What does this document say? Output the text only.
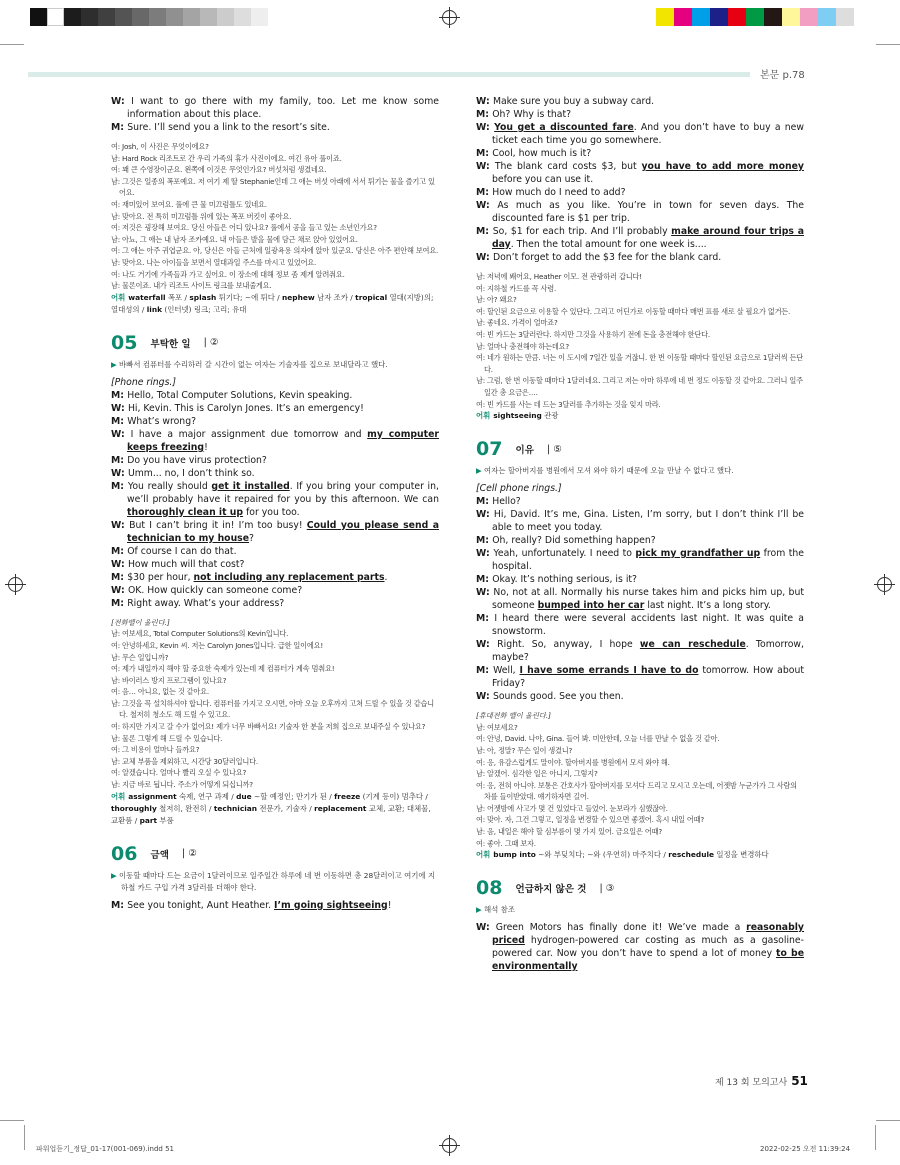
본문 p.78

W: I want to go there with my family, too. Let me know some information about this place.

M: Sure. I’ll send you a link to the resort’s site.

여: Josh, 이 사진은 무엇이에요?

남: Hard Rock 리조트로 간 우리 가족의 휴가 사진이에요. 여긴 유아 풀이죠.

여: 꽤 큰 수영장이군요. 왼쪽에 이것은 무엇인가요? 버섯처럼 생겼네요.

남: 그것은 일종의 폭포예요. 저 여기 제 딸 Stephanie인데 그 애는 버섯 아래에 서서 튀기는 물을 즐기고 있어요.

여: 재미있어 보여요. 풀에 큰 물 미끄럼틀도 있네요.

남: 맞아요. 전 특히 미끄럼틀 위에 있는 폭포 버킷이 좋아요.

여: 저것은 굉장해 보여요. 당신 아들은 어디 있나요? 풀에서 공을 들고 있는 소년인가요?

남: 아뇨, 그 애는 내 남자 조카예요. 내 아들은 발을 물에 담근 채로 앉아 있었어요.

여: 그 애는 아주 귀엽군요. 아, 당신은 아들 근처에 일광욕용 의자에 앉아 있군요. 당신은 아주 편안해 보여요.

남: 맞아요. 나는 아이들을 보면서 열대과일 주스를 마시고 있었어요.

여: 나도 거기에 가족들과 가고 싶어요. 이 장소에 대해 정보 좀 제게 알려줘요.

남: 물론이죠. 내가 리조트 사이트 링크를 보내줄게요.

어휘 waterfall 폭포 / splash 튀기다; ∼에 튀다 / nephew 남자 조카 / tropical 열대(지방)의; 열대성의 / link (인터넷) 링크; 고리; 유대

05 부탁한 일 | ②

▶ 바빠서 컴퓨터를 수리하러 갈 시간이 없는 여자는 기술자를 집으로 보내달라고 했다.

[Phone rings.]

M: Hello, Total Computer Solutions, Kevin speaking.

W: Hi, Kevin. This is Carolyn Jones. It’s an emergency!

M: What’s wrong?

W: I have a major assignment due tomorrow and my computer keeps freezing!

M: Do you have virus protection?

W: Umm... no, I don’t think so.

M: You really should get it installed. If you bring your computer in, we’ll probably have it repaired for you by this afternoon. We can thoroughly clean it up for you too.

W: But I can’t bring it in! I’m too busy! Could you please send a technician to my house?

M: Of course I can do that.

W: How much will that cost?

M: $30 per hour, not including any replacement parts.

W: OK. How quickly can someone come?

M: Right away. What’s your address?

[전화벨이 울린다.]

남: 여보세요, Total Computer Solutions의 Kevin입니다.

여: 안녕하세요, Kevin 씨. 저는 Carolyn Jones입니다. 급한 일이에요!

남: 무슨 일입니까?

여: 제가 내일까지 해야 할 중요한 숙제가 있는데 제 컴퓨터가 계속 멈춰요!

남: 바이러스 방지 프로그램이 있나요?

여: 음… 아니요, 없는 것 같아요.

남: 그것을 꼭 설치하셔야 합니다. 컴퓨터를 가지고 오시면, 아마 오늘 오후까지 고쳐 드릴 수 있을 것 같습니다. 철저히 청소도 해 드릴 수 있고요.

여: 하지만 가지고 갈 수가 없어요! 제가 너무 바빠서요! 기술자 한 분을 저희 집으로 보내주실 수 있나요?

남: 물론 그렇게 해 드릴 수 있습니다.

여: 그 비용이 얼마나 들까요?

남: 교체 부품을 제외하고, 시간당 30달러입니다.

여: 알겠습니다. 얼마나 빨리 오실 수 있나요?

남: 지금 바로 됩니다. 주소가 어떻게 되십니까?

어휘 assignment 숙제, 연구 과제 / due ∼할 예정인; 만기가 된 / freeze (기계 등이) 멈추다 / thoroughly 철저히, 완전히 / technician 전문가, 기술자 / replacement 교체, 교환; 대체물, 교환품 / part 부품

06 금액 | ②

▶ 이동할 때마다 드는 요금이 1달러이므로 일주일간 하루에 네 번 이동하면 총 28달러이고 여기에 지하철 카드 구입 가격 3달러를 더해야 한다.

M: See you tonight, Aunt Heather. I’m going sightseeing!

W: Make sure you buy a subway card.

M: Oh? Why is that?

W: You get a discounted fare. And you don’t have to buy a new ticket each time you go somewhere.

M: Cool, how much is it?

W: The blank card costs $3, but you have to add more money before you can use it.

M: How much do I need to add?

W: As much as you like. You’re in town for seven days. The discounted fare is $1 per trip.

M: So, $1 for each trip. And I’ll probably make around four trips a day. Then the total amount for one week is....

W: Don’t forget to add the $3 fee for the blank card.

남: 저녁에 봬어요, Heather 이모. 전 관광하러 갑니다!

여: 지하철 카드를 꼭 사렴.

남: 아? 왜요?

여: 할인된 요금으로 이용할 수 있단다. 그리고 어딘가로 이동할 때마다 매번 표를 새로 살 필요가 없거든.

남: 좋네요. 가격이 얼마죠?

여: 빈 카드는 3달러란다. 하지만 그것을 사용하기 전에 돈을 충전해야 한단다.

남: 얼마나 충전해야 하는데요?

여: 네가 원하는 만큼. 너는 이 도시에 7일간 있을 거잖니. 한 번 이동할 때마다 할인된 요금으로 1달러씩 든단다.

남: 그럼, 한 번 이동할 때마다 1달러네요. 그리고 저는 아마 하루에 네 번 정도 이동할 것 같아요. 그러니 일주일간 총 요금은….

여: 빈 카드를 사는 데 드는 3달러를 추가하는 것을 잊지 마라.

어휘 sightseeing 관광

07 이유 | ⑤

▶ 여자는 할아버지를 병원에서 모셔 와야 하기 때문에 오늘 만날 수 없다고 했다.

[Cell phone rings.]

M: Hello?

W: Hi, David. It’s me, Gina. Listen, I’m sorry, but I don’t think I’ll be able to meet you today.

M: Oh, really? Did something happen?

W: Yeah, unfortunately. I need to pick my grandfather up from the hospital.

M: Okay. It’s nothing serious, is it?

W: No, not at all. Normally his nurse takes him and picks him up, but someone bumped into her car last night. It’s a long story.

M: I heard there were several accidents last night. It was quite a snowstorm.

W: Right. So, anyway, I hope we can reschedule. Tomorrow, maybe?

M: Well, I have some errands I have to do tomorrow. How about Friday?

W: Sounds good. See you then.

[휴대전화 벨이 울린다.]

남: 여보세요?

여: 안녕, David. 나야, Gina. 들어 봐. 미안한데, 오늘 너를 만날 수 없을 것 같아.

남: 아, 정말? 무슨 일이 생겼니?

여: 응, 유감스럽게도 말이야. 할아버지를 병원에서 모셔 와야 해.

남: 알겠어. 심각한 일은 아니지, 그렇지?

여: 응, 전혀 아니야. 보통은 간호사가 할아버지를 모셔다 드리고 모시고 오는데, 어젯밤 누군가가 그 사람의 차를 들이받았대. 얘기하자면 길어.

남: 어젯밤에 사고가 몇 건 있었다고 들었어. 눈보라가 심했잖아.

여: 맞아. 자, 그건 그렇고, 일정을 변경할 수 있으면 좋겠어. 혹시 내일 어때?

남: 음, 내일은 해야 할 심부름이 몇 가지 있어. 금요일은 어때?

여: 좋아. 그때 보자.

어휘 bump into ∼와 부딪치다; ∼와 (우연히) 마주치다 / reschedule 일정을 변경하다

08 언급하지 않은 것 | ③

▶ 해석 참조

W: Green Motors has finally done it! We’ve made a reasonably priced hydrogen-powered car costing as much as a gasoline-powered car. Now you don’t have to spend a lot of money to be environmentally

제 13 회 모의고사 51
파워업듣기_정답_01-17(001-069).indd 51	2022-02-25 오전 11:39:24
